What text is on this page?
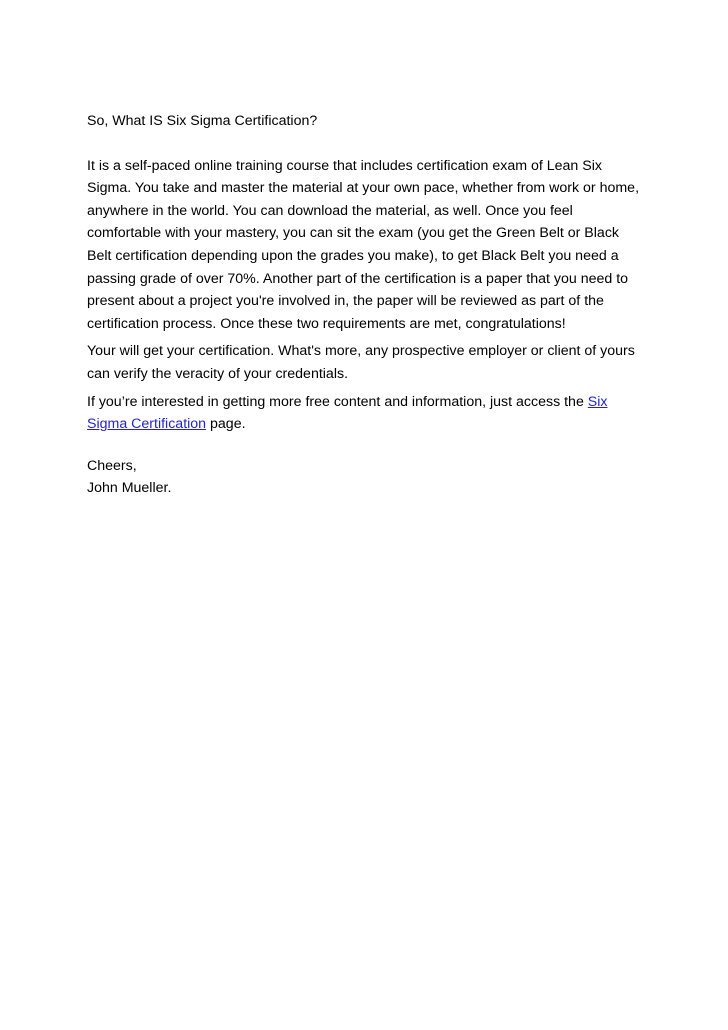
So, What IS Six Sigma Certification?

It is a self-paced online training course that includes certification exam of Lean Six Sigma. You take and master the material at your own pace, whether from work or home, anywhere in the world. You can download the material, as well. Once you feel comfortable with your mastery, you can sit the exam (you get the Green Belt or Black Belt certification depending upon the grades you make), to get Black Belt you need a passing grade of over 70%. Another part of the certification is a paper that you need to present about a project you're involved in, the paper will be reviewed as part of the certification process. Once these two requirements are met, congratulations!

Your will get your certification. What's more, any prospective employer or client of yours can verify the veracity of your credentials.

If you’re interested in getting more free content and information, just access the Six Sigma Certification page.

Cheers,

John Mueller.
